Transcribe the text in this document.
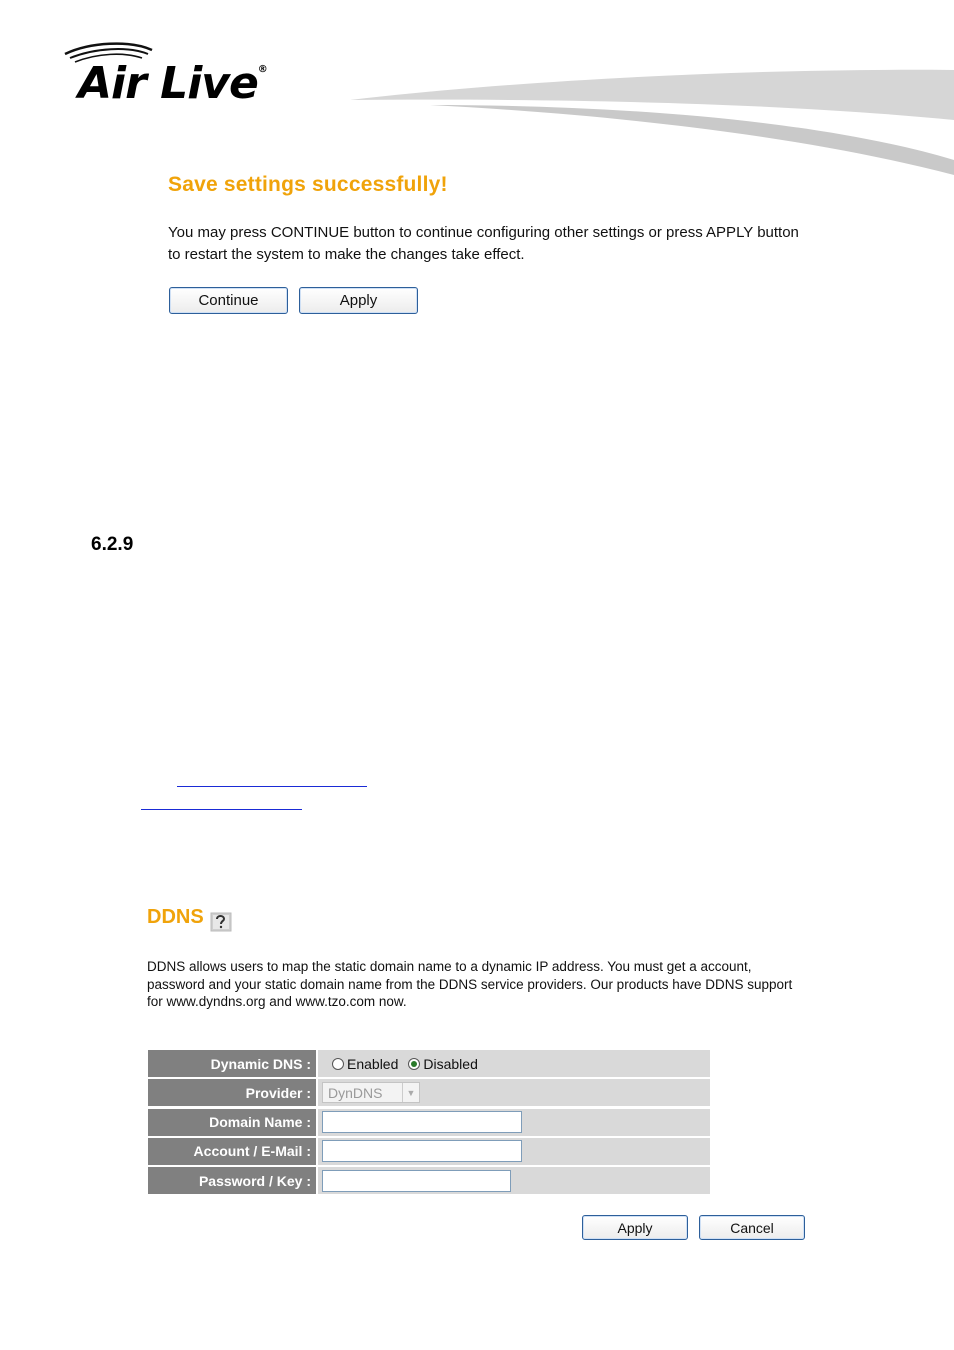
Air Live®
Save settings successfully!
You may press CONTINUE button to continue configuring other settings or press APPLY button to restart the system to make the changes take effect.
Continue	Apply
6.2.9
DDNS
DDNS allows users to map the static domain name to a dynamic IP address. You must get a account, password and your static domain name from the DDNS service providers. Our products have DDNS support for www.dyndns.org and www.tzo.com now.
Dynamic DNS :	Enabled Disabled
Provider :	DynDNS	▼
Domain Name :
Account / E-Mail :
Password / Key :
Apply	Cancel
